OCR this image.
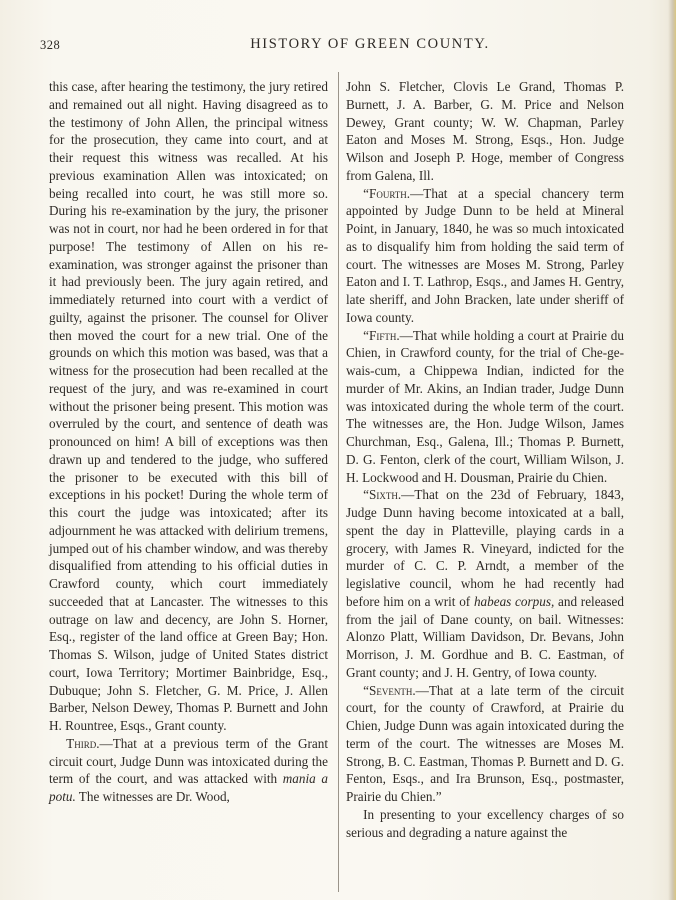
328	HISTORY OF GREEN COUNTY.

this case, after hearing the testimony, the jury retired and remained out all night. Having disagreed as to the testimony of John Allen, the principal witness for the prosecution, they came into court, and at their request this witness was recalled. At his previous examination Allen was intoxicated; on being recalled into court, he was still more so. During his re-examination by the jury, the prisoner was not in court, nor had he been ordered in for that purpose! The testimony of Allen on his re-examination, was stronger against the prisoner than it had previously been. The jury again retired, and immediately returned into court with a verdict of guilty, against the prisoner. The counsel for Oliver then moved the court for a new trial. One of the grounds on which this motion was based, was that a witness for the prosecution had been recalled at the request of the jury, and was re-examined in court without the prisoner being present. This motion was overruled by the court, and sentence of death was pronounced on him! A bill of exceptions was then drawn up and tendered to the judge, who suffered the prisoner to be executed with this bill of exceptions in his pocket! During the whole term of this court the judge was intoxicated; after its adjournment he was attacked with delirium tremens, jumped out of his chamber window, and was thereby disqualified from attending to his official duties in Crawford county, which court immediately succeeded that at Lancaster. The witnesses to this outrage on law and decency, are John S. Horner, Esq., register of the land office at Green Bay; Hon. Thomas S. Wilson, judge of United States district court, Iowa Territory; Mortimer Bainbridge, Esq., Dubuque; John S. Fletcher, G. M. Price, J. Allen Barber, Nelson Dewey, Thomas P. Burnett and John H. Rountree, Esqs., Grant county.

Third.—That at a previous term of the Grant circuit court, Judge Dunn was intoxicated during the term of the court, and was attacked with mania a potu. The witnesses are Dr. Wood,

John S. Fletcher, Clovis Le Grand, Thomas P. Burnett, J. A. Barber, G. M. Price and Nelson Dewey, Grant county; W. W. Chapman, Parley Eaton and Moses M. Strong, Esqs., Hon. Judge Wilson and Joseph P. Hoge, member of Congress from Galena, Ill.

“Fourth.—That at a special chancery term appointed by Judge Dunn to be held at Mineral Point, in January, 1840, he was so much intoxicated as to disqualify him from holding the said term of court. The witnesses are Moses M. Strong, Parley Eaton and I. T. Lathrop, Esqs., and James H. Gentry, late sheriff, and John Bracken, late under sheriff of Iowa county.

“Fifth.—That while holding a court at Prairie du Chien, in Crawford county, for the trial of Che-ge-wais-cum, a Chippewa Indian, indicted for the murder of Mr. Akins, an Indian trader, Judge Dunn was intoxicated during the whole term of the court. The witnesses are, the Hon. Judge Wilson, James Churchman, Esq., Galena, Ill.; Thomas P. Burnett, D. G. Fenton, clerk of the court, William Wilson, J. H. Lockwood and H. Dousman, Prairie du Chien.

“Sixth.—That on the 23d of February, 1843, Judge Dunn having become intoxicated at a ball, spent the day in Platteville, playing cards in a grocery, with James R. Vineyard, indicted for the murder of C. C. P. Arndt, a member of the legislative council, whom he had recently had before him on a writ of habeas corpus, and released from the jail of Dane county, on bail. Witnesses: Alonzo Platt, William Davidson, Dr. Bevans, John Morrison, J. M. Gordhue and B. C. Eastman, of Grant county; and J. H. Gentry, of Iowa county.

“Seventh.—That at a late term of the circuit court, for the county of Crawford, at Prairie du Chien, Judge Dunn was again intoxicated during the term of the court. The witnesses are Moses M. Strong, B. C. Eastman, Thomas P. Burnett and D. G. Fenton, Esqs., and Ira Brunson, Esq., postmaster, Prairie du Chien.”

In presenting to your excellency charges of so serious and degrading a nature against the
